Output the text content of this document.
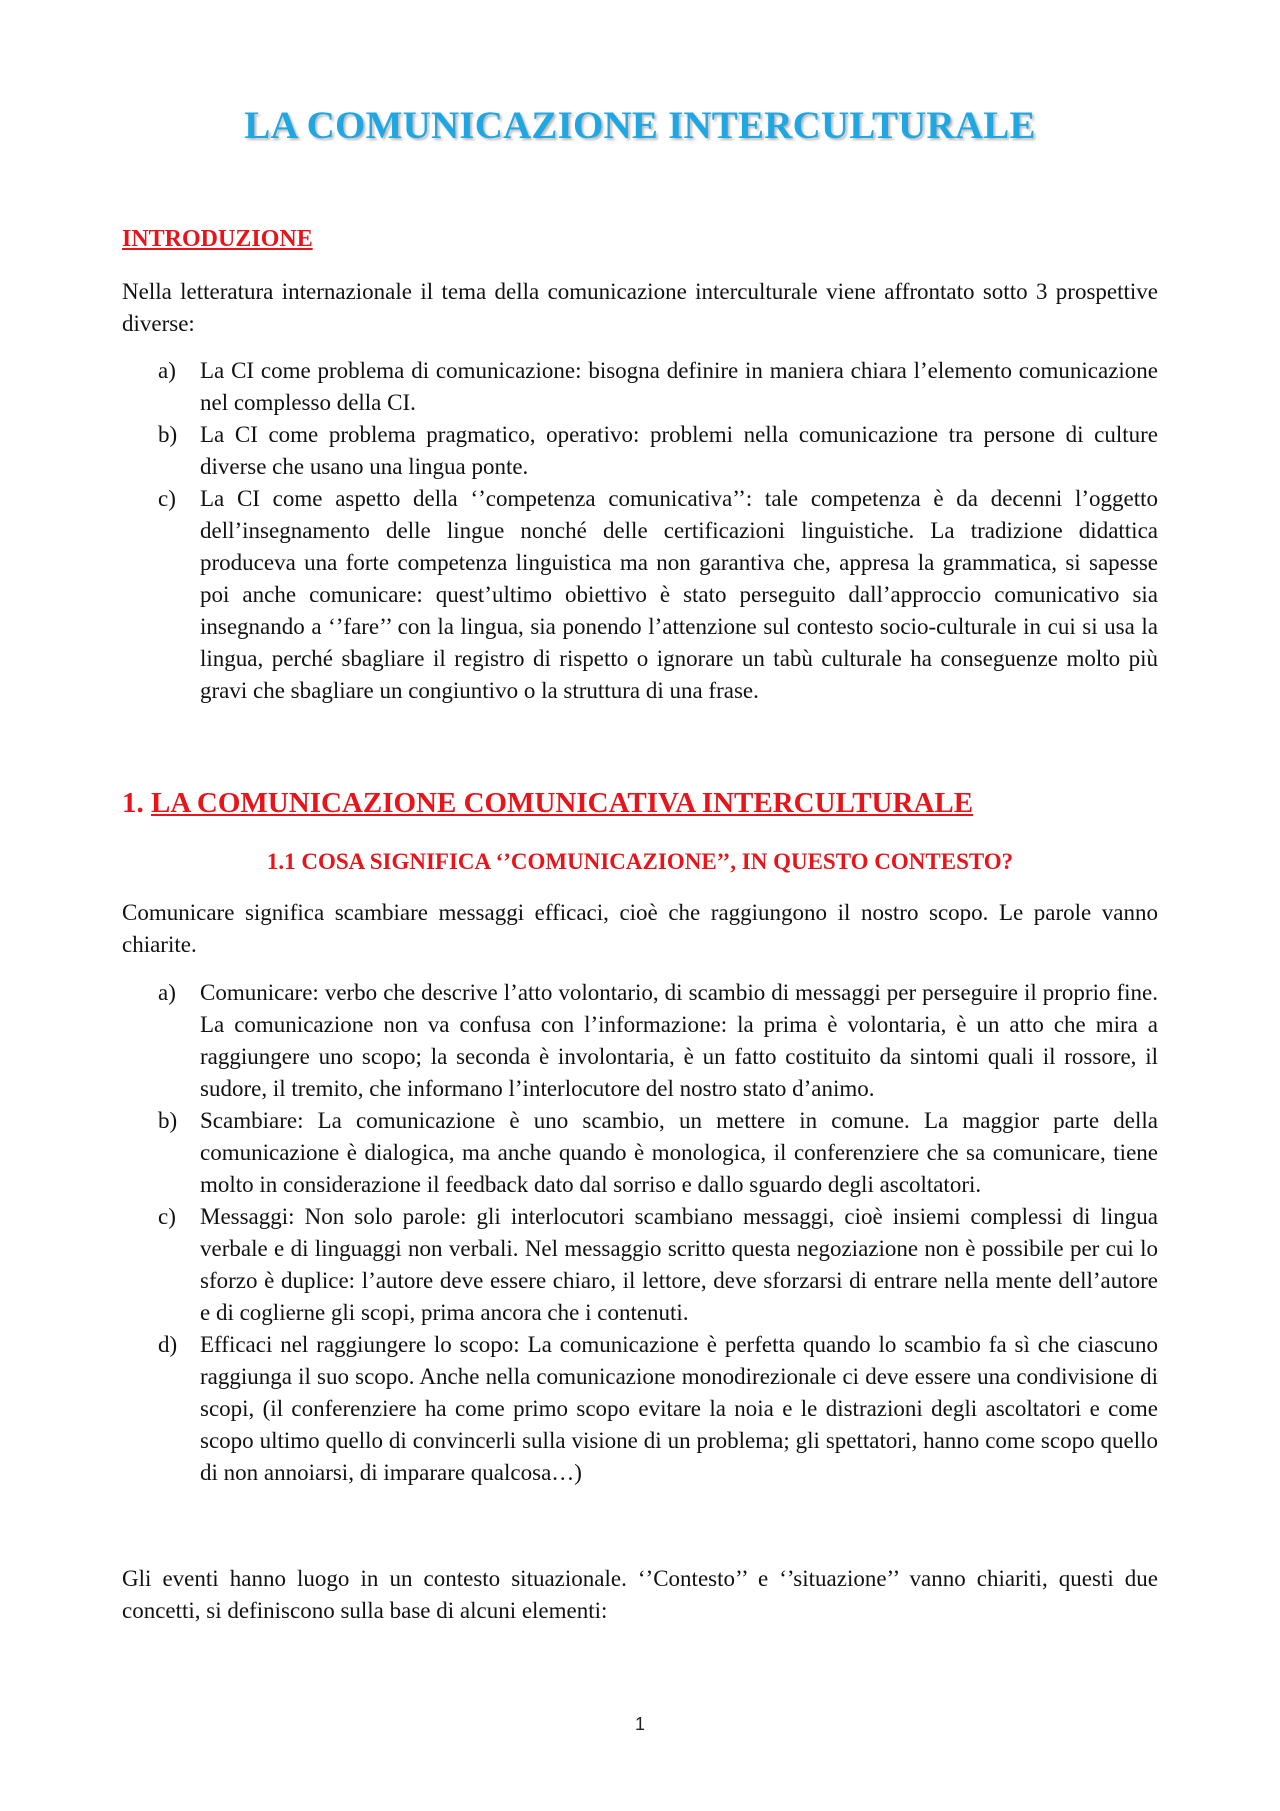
LA COMUNICAZIONE INTERCULTURALE
INTRODUZIONE

Nella letteratura internazionale il tema della comunicazione interculturale viene affrontato sotto 3 prospettive diverse:

a) La CI come problema di comunicazione: bisogna definire in maniera chiara l’elemento comunicazione nel complesso della CI.
b) La CI come problema pragmatico, operativo: problemi nella comunicazione tra persone di culture diverse che usano una lingua ponte.
c) La CI come aspetto della ‘’competenza comunicativa’’: tale competenza è da decenni l’oggetto dell’insegnamento delle lingue nonché delle certificazioni linguistiche. La tradizione didattica produceva una forte competenza linguistica ma non garantiva che, appresa la grammatica, si sapesse poi anche comunicare: quest’ultimo obiettivo è stato perseguito dall’approccio comunicativo sia insegnando a ‘’fare’’ con la lingua, sia ponendo l’attenzione sul contesto socio-culturale in cui si usa la lingua, perché sbagliare il registro di rispetto o ignorare un tabù culturale ha conseguenze molto più gravi che sbagliare un congiuntivo o la struttura di una frase.
1. LA COMUNICAZIONE COMUNICATIVA INTERCULTURALE
1.1 COSA SIGNIFICA ‘’COMUNICAZIONE’’, IN QUESTO CONTESTO?

Comunicare significa scambiare messaggi efficaci, cioè che raggiungono il nostro scopo. Le parole vanno chiarite.

a) Comunicare: verbo che descrive l’atto volontario, di scambio di messaggi per perseguire il proprio fine. La comunicazione non va confusa con l’informazione: la prima è volontaria, è un atto che mira a raggiungere uno scopo; la seconda è involontaria, è un fatto costituito da sintomi quali il rossore, il sudore, il tremito, che informano l’interlocutore del nostro stato d’animo.
b) Scambiare: La comunicazione è uno scambio, un mettere in comune. La maggior parte della comunicazione è dialogica, ma anche quando è monologica, il conferenziere che sa comunicare, tiene molto in considerazione il feedback dato dal sorriso e dallo sguardo degli ascoltatori.
c) Messaggi: Non solo parole: gli interlocutori scambiano messaggi, cioè insiemi complessi di lingua verbale e di linguaggi non verbali. Nel messaggio scritto questa negoziazione non è possibile per cui lo sforzo è duplice: l’autore deve essere chiaro, il lettore, deve sforzarsi di entrare nella mente dell’autore e di coglierne gli scopi, prima ancora che i contenuti.
d) Efficaci nel raggiungere lo scopo: La comunicazione è perfetta quando lo scambio fa sì che ciascuno raggiunga il suo scopo. Anche nella comunicazione monodirezionale ci deve essere una condivisione di scopi, (il conferenziere ha come primo scopo evitare la noia e le distrazioni degli ascoltatori e come scopo ultimo quello di convincerli sulla visione di un problema; gli spettatori, hanno come scopo quello di non annoiarsi, di imparare qualcosa…)

Gli eventi hanno luogo in un contesto situazionale. ‘’Contesto’’ e ‘’situazione’’ vanno chiariti, questi due concetti, si definiscono sulla base di alcuni elementi:

1
